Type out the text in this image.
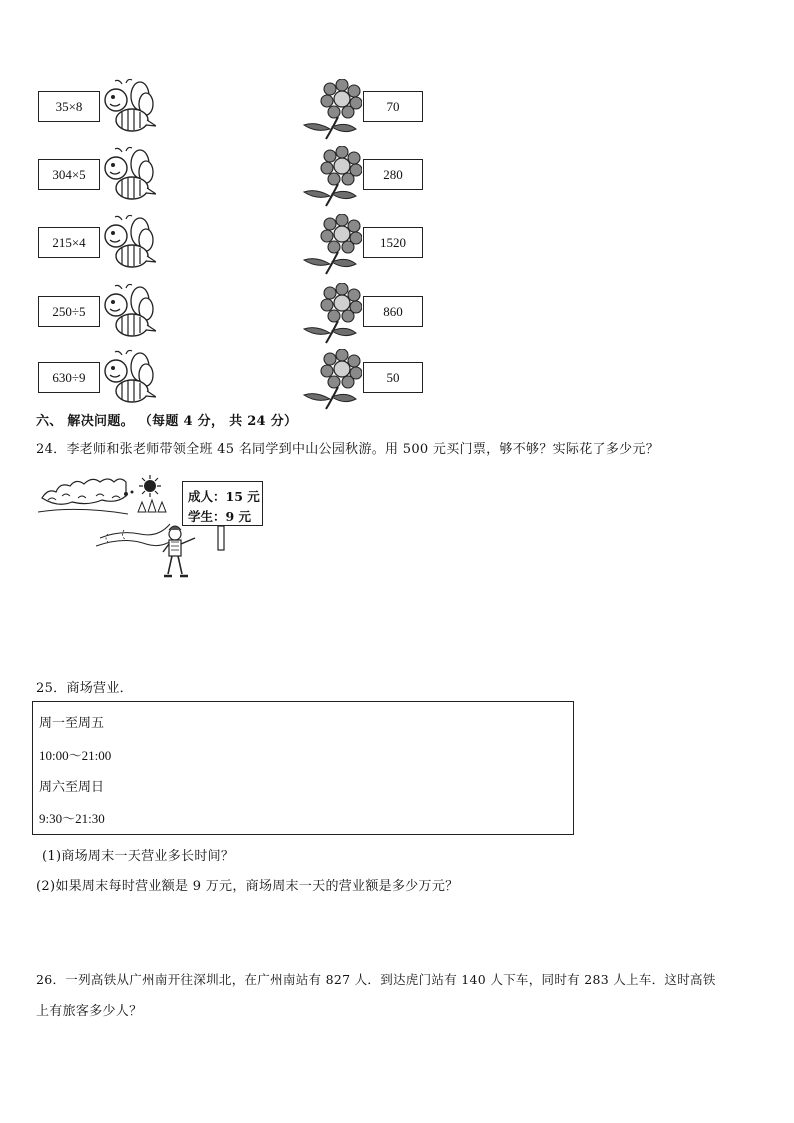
35×8	70
304×5	280
215×4	1520
250÷5	860
630÷9	50
六、 解决问题。 （每题 4 分， 共 24 分）
24．李老师和张老师带领全班 45 名同学到中山公园秋游。用 500 元买门票，够不够？实际花了多少元？
成人：15 元
学生：9 元
25．商场营业．
周一至周五
10:00～21:00
周六至周日
9:30～21:30
(1)商场周末一天营业多长时间？
(2)如果周末每时营业额是 9 万元，商场周末一天的营业额是多少万元？
26．一列高铁从广州南开往深圳北，在广州南站有 827 人．到达虎门站有 140 人下车，同时有 283 人上车．这时高铁
上有旅客多少人？
